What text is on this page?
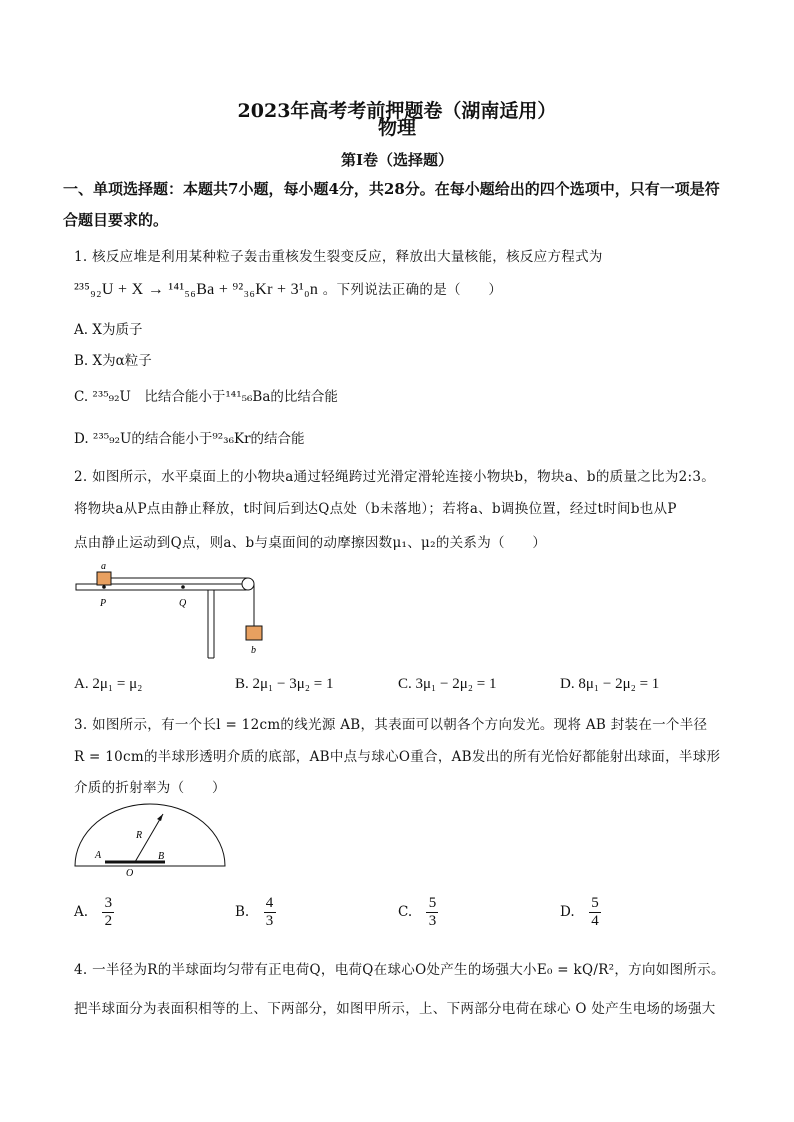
2023年高考考前押题卷（湖南适用）
物理
第Ⅰ卷（选择题）
一、单项选择题：本题共7小题，每小题4分，共28分。在每小题给出的四个选项中，只有一项是符合题目要求的。
1. 核反应堆是利用某种粒子轰击重核发生裂变反应，释放出大量核能，核反应方程式为
²³⁵₉₂U + X → ¹⁴¹₅₆Ba + ⁹²₃₆Kr + 3¹₀n 。下列说法正确的是（　　）
A. X为质子
B. X为α粒子
C. ²³⁵₉₂U　比结合能小于¹⁴¹₅₆Ba的比结合能
D. ²³⁵₉₂U的结合能小于⁹²₃₆Kr的结合能
2. 如图所示，水平桌面上的小物块a通过轻绳跨过光滑定滑轮连接小物块b，物块a、b的质量之比为2:3。
将物块a从P点由静止释放，t时间后到达Q点处（b未落地）；若将a、b调换位置，经过t时间b也从P
点由静止运动到Q点，则a、b与桌面间的动摩擦因数μ₁、μ₂的关系为（　　）
a
P	Q
b
A. 2μ₁ = μ₂	B. 2μ₁ − 3μ₂ = 1	C. 3μ₁ − 2μ₂ = 1	D. 8μ₁ − 2μ₂ = 1
3. 如图所示，有一个长l = 12cm的线光源 AB，其表面可以朝各个方向发光。现将 AB 封装在一个半径
R = 10cm的半球形透明介质的底部，AB中点与球心O重合，AB发出的所有光恰好都能射出球面，半球形
介质的折射率为（　　）
R
A	B
O
A. $\frac{3}{2}$	B. $\frac{4}{3}$	C. $\frac{5}{3}$	D. $\frac{5}{4}$
4. 一半径为R的半球面均匀带有正电荷Q，电荷Q在球心O处产生的场强大小E₀ = kQ/R²，方向如图所示。
把半球面分为表面积相等的上、下两部分，如图甲所示，上、下两部分电荷在球心 O 处产生电场的场强大
